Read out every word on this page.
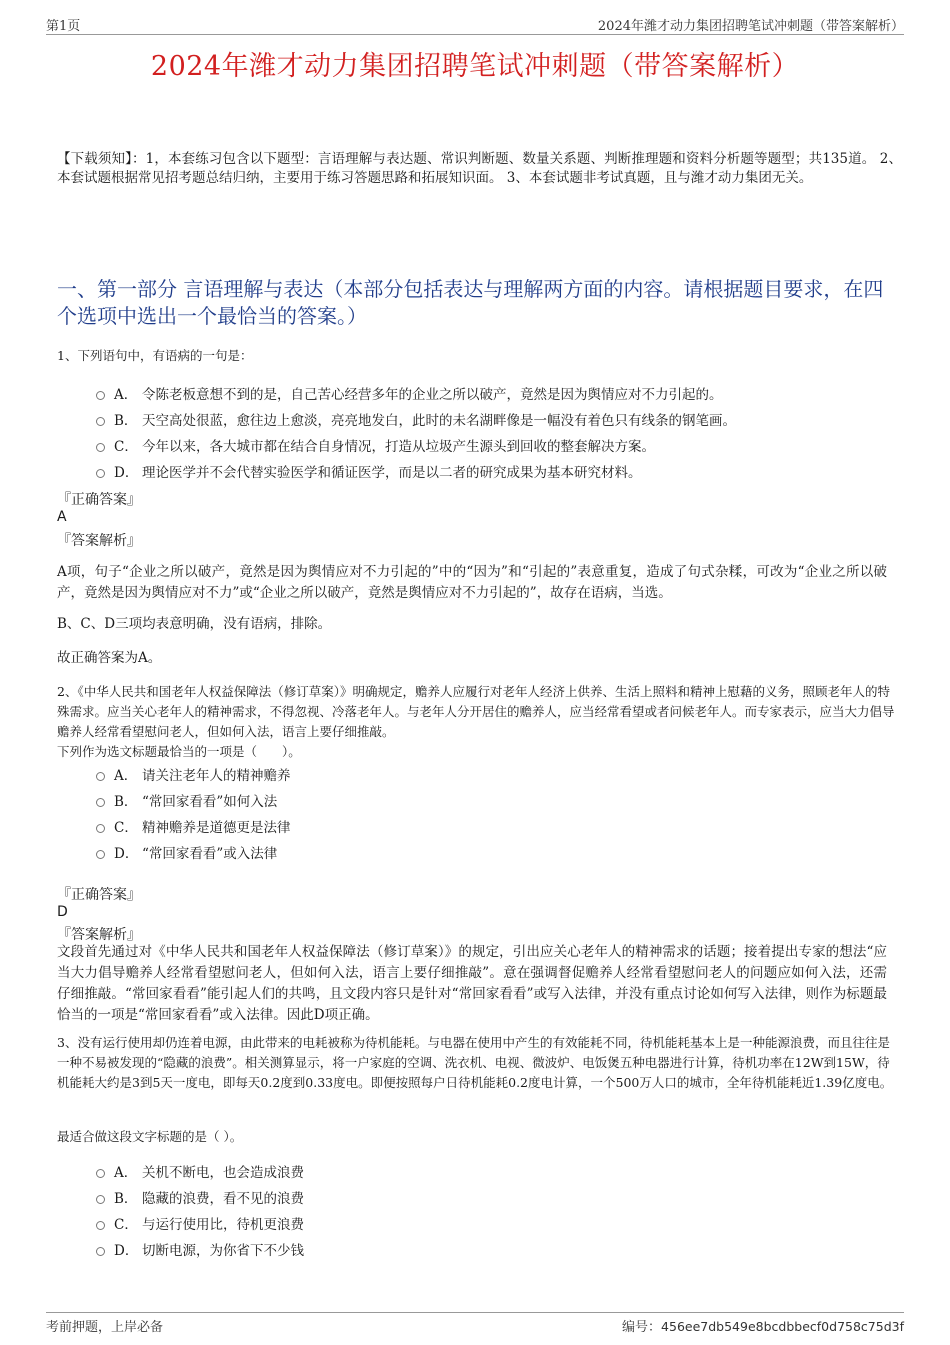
第1页	2024年潍才动力集团招聘笔试冲刺题（带答案解析）
2024年潍才动力集团招聘笔试冲刺题（带答案解析）
【下载须知】：1，本套练习包含以下题型：言语理解与表达题、常识判断题、数量关系题、判断推理题和资料分析题等题型；共135道。 2、本套试题根据常见招考题总结归纳，主要用于练习答题思路和拓展知识面。 3、本套试题非考试真题，且与潍才动力集团无关。
一、第一部分 言语理解与表达（本部分包括表达与理解两方面的内容。请根据题目要求，在四个选项中选出一个最恰当的答案。）

1、下列语句中，有语病的一句是：

A． 令陈老板意想不到的是，自己苦心经营多年的企业之所以破产，竟然是因为舆情应对不力引起的。
B． 天空高处很蓝，愈往边上愈淡，亮亮地发白，此时的未名湖畔像是一幅没有着色只有线条的钢笔画。
C． 今年以来，各大城市都在结合自身情况，打造从垃圾产生源头到回收的整套解决方案。
D． 理论医学并不会代替实验医学和循证医学，而是以二者的研究成果为基本研究材料。
『正确答案』
A
『答案解析』

A项，句子“企业之所以破产，竟然是因为舆情应对不力引起的”中的“因为”和“引起的”表意重复，造成了句式杂糅，可改为“企业之所以破产，竟然是因为舆情应对不力”或“企业之所以破产，竟然是舆情应对不力引起的”，故存在语病，当选。

B、C、D三项均表意明确，没有语病，排除。

故正确答案为A。

2、《中华人民共和国老年人权益保障法（修订草案）》明确规定，赡养人应履行对老年人经济上供养、生活上照料和精神上慰藉的义务，照顾老年人的特殊需求。应当关心老年人的精神需求，不得忽视、冷落老年人。与老年人分开居住的赡养人，应当经常看望或者问候老年人。而专家表示，应当大力倡导赡养人经常看望慰问老人，但如何入法，语言上要仔细推敲。

下列作为选文标题最恰当的一项是（　　）。

A． 请关注老年人的精神赡养
B． “常回家看看”如何入法
C． 精神赡养是道德更是法律
D． “常回家看看”或入法律
『正确答案』
D
『答案解析』

文段首先通过对《中华人民共和国老年人权益保障法（修订草案）》的规定，引出应关心老年人的精神需求的话题；接着提出专家的想法“应当大力倡导赡养人经常看望慰问老人，但如何入法，语言上要仔细推敲”。意在强调督促赡养人经常看望慰问老人的问题应如何入法，还需仔细推敲。“常回家看看”能引起人们的共鸣，且文段内容只是针对“常回家看看”或写入法律，并没有重点讨论如何写入法律，则作为标题最恰当的一项是“常回家看看”或入法律。因此D项正确。

3、没有运行使用却仍连着电源，由此带来的电耗被称为待机能耗。与电器在使用中产生的有效能耗不同，待机能耗基本上是一种能源浪费，而且往往是一种不易被发现的“隐藏的浪费”。相关测算显示，将一户家庭的空调、洗衣机、电视、微波炉、电饭煲五种电器进行计算，待机功率在12W到15W，待机能耗大约是3到5天一度电，即每天0.2度到0.33度电。即便按照每户日待机能耗0.2度电计算，一个500万人口的城市，全年待机能耗近1.39亿度电。

最适合做这段文字标题的是（ ）。

A． 关机不断电，也会造成浪费
B． 隐藏的浪费，看不见的浪费
C． 与运行使用比，待机更浪费
D． 切断电源，为你省下不少钱
考前押题，上岸必备	编号：456ee7db549e8bcdbbecf0d758c75d3f
